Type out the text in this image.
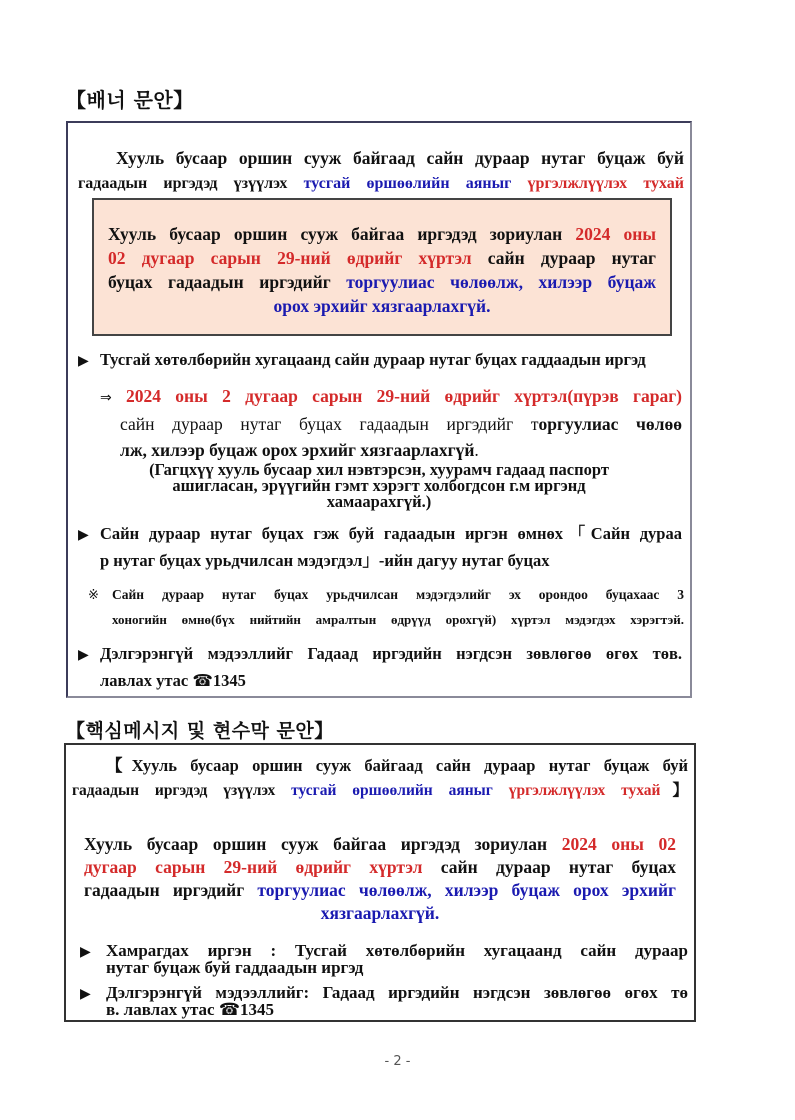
【배너 문안】
Хууль бусаар оршин сууж байгаад сайн дураар нутаг буцаж буй
гадаадын иргэдэд үзүүлэх тусгай өршөөлийн аяныг үргэлжлүүлэх тухай
Хууль бусаар оршин сууж байгаа иргэдэд зориулан 2024 оны
02 дугаар сарын 29-ний өдрийг хүртэл сайн дураар нутаг
буцах гадаадын иргэдийг торгуулиас чөлөөлж, хилээр буцаж
орох эрхийг хязгаарлахгүй.
▶ Тусгай хөтөлбөрийн хугацаанд сайн дураар нутаг буцах гаддаадын иргэд
⇒ 2024 оны 2 дугаар сарын 29-ний өдрийг хүртэл(пүрэв гараг)
сайн дураар нутаг буцах гадаадын иргэдийг торгуулиас чөлөө
лж, хилээр буцаж орох эрхийг хязгаарлахгүй.
(Гагцхүү хууль бусаар хил нэвтэрсэн, хуурамч гадаад паспорт
ашигласан, эрүүгийн гэмт хэрэгт холбогдсон г.м иргэнд
хамаарахгүй.)
▶ Сайн дураар нутаг буцах гэж буй гадаадын иргэн өмнөх「Сайн дураа
р нутаг буцах урьдчилсан мэдэгдэл」-ийн дагуу нутаг буцах
※ Сайн дураар нутаг буцах урьдчилсан мэдэгдэлийг эх орондоо буцахаас 3
хоногийн өмнө(бүх нийтийн амралтын өдрүүд орохгүй) хүртэл мэдэгдэх хэрэгтэй.
▶ Дэлгэрэнгүй мэдээллийг Гадаад иргэдийн нэгдсэн зөвлөгөө өгөх төв.
лавлах утас ☎1345
【핵심메시지 및 현수막 문안】
【Хууль бусаар оршин сууж байгаад сайн дураар нутаг буцаж буй
гадаадын иргэдэд үзүүлэх тусгай өршөөлийн аяныг үргэлжлүүлэх тухай】
Хууль бусаар оршин сууж байгаа иргэдэд зориулан 2024 оны 02
дугаар сарын 29-ний өдрийг хүртэл сайн дураар нутаг буцах
гадаадын иргэдийг торгуулиас чөлөөлж, хилээр буцаж орох эрхийг
хязгаарлахгүй.
▶ Хамрагдах иргэн : Тусгай хөтөлбөрийн хугацаанд сайн дураар
нутаг буцаж буй гаддаадын иргэд
▶ Дэлгэрэнгүй мэдээллийг: Гадаад иргэдийн нэгдсэн зөвлөгөө өгөх тө
в. лавлах утас ☎1345
- 2 -
